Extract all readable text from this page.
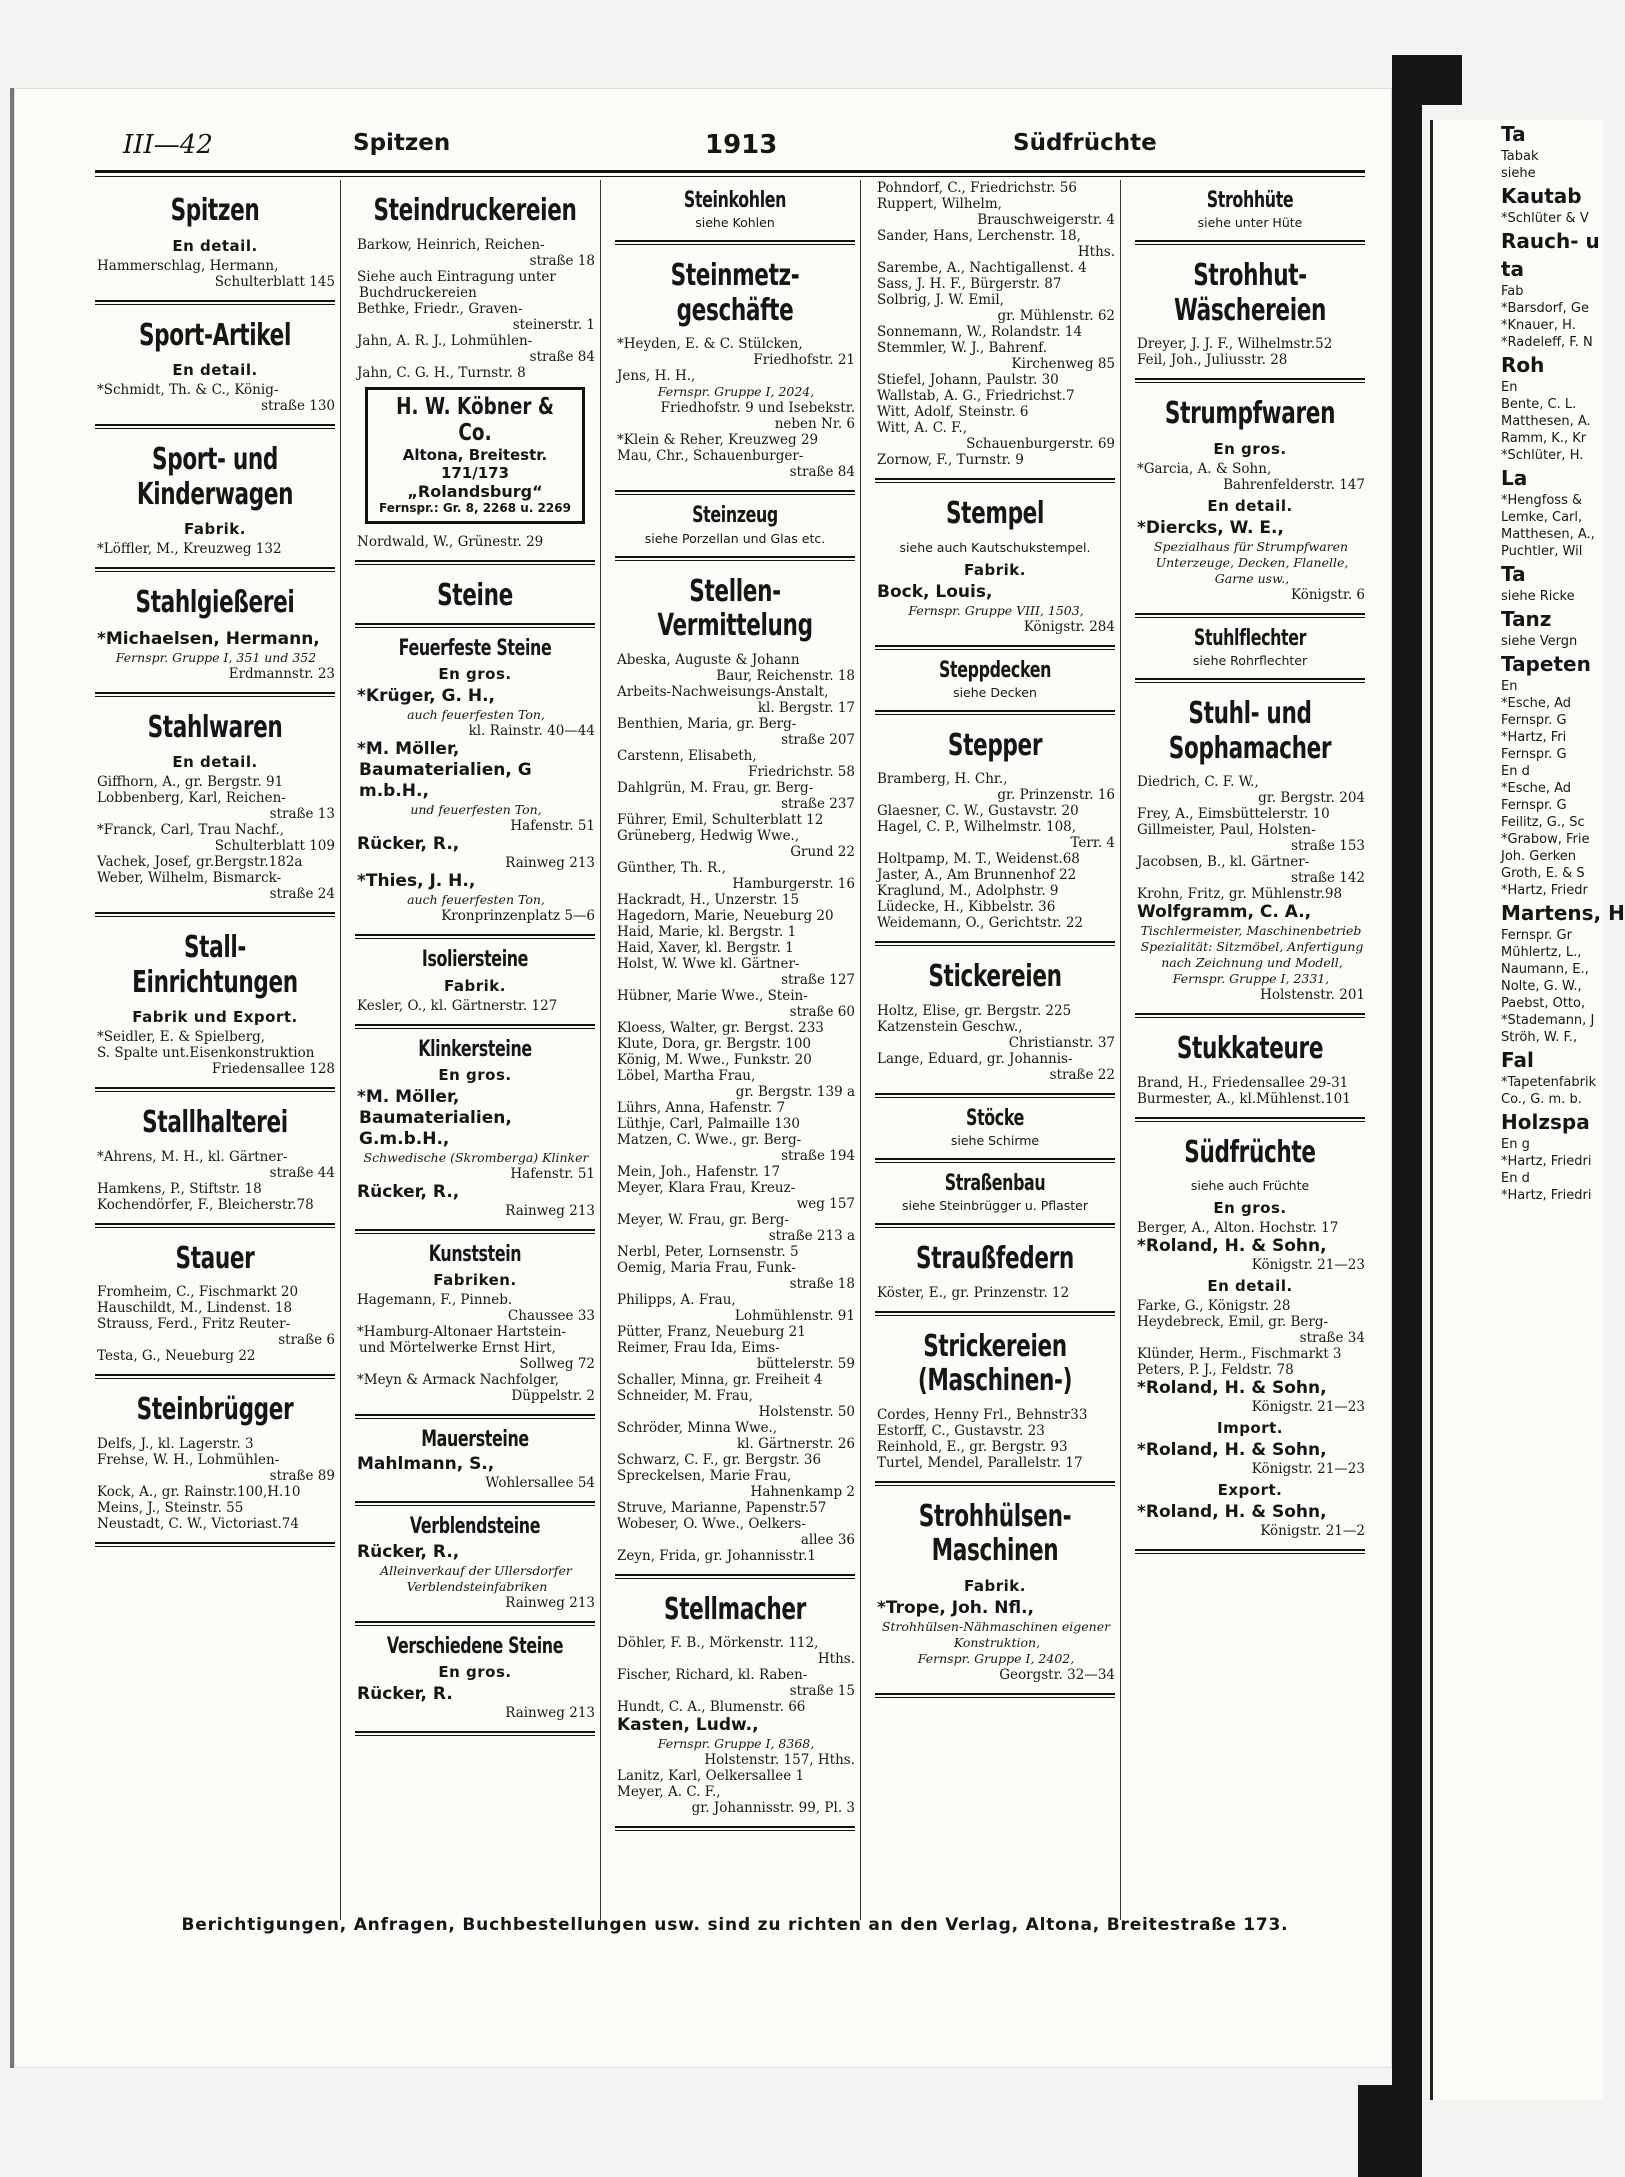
Ta
Tabak
siehe
Kautab
*Schlüter & V
Rauch- u
ta
Fab
*Barsdorf, Ge
*Knauer, H.
*Radeleff, F. N
Roh
En
Bente, C. L.
Matthesen, A.
Ramm, K., Kr
*Schlüter, H.
La
*Hengfoss &
Lemke, Carl,
Matthesen, A.,
Puchtler, Wil
Ta
siehe Ricke
Tanz
siehe Vergn
Tapeten
En
*Esche, Ad
Fernspr. G
*Hartz, Fri
Fernspr. G
En d
*Esche, Ad
Fernspr. G
Feilitz, G., Sc
*Grabow, Frie
Joh. Gerken
Groth, E. & S
*Hartz, Friedr
Martens, H
Fernspr. Gr
Mühlertz, L.,
Naumann, E.,
Nolte, G. W.,
Paebst, Otto,
*Stademann, J
Ströh, W. F.,
Fal
*Tapetenfabrik
Co., G. m. b.
Holzspa
En g
*Hartz, Friedri
En d
*Hartz, Friedri
III—42	Spitzen	1913	Südfrüchte
Spitzen
En detail.
Hammerschlag, Hermann,
Schulterblatt 145
Sport-Artikel
En detail.
*Schmidt, Th. & C., König-
straße 130
Sport- und Kinderwagen
Fabrik.
*Löffler, M., Kreuzweg 132
Stahlgießerei
*Michaelsen, Hermann,
Fernspr. Gruppe I, 351 und 352
Erdmannstr. 23
Stahlwaren
En detail.
Giffhorn, A., gr. Bergstr. 91
Lobbenberg, Karl, Reichen-
straße 13
*Franck, Carl, Trau Nachf.,
Schulterblatt 109
Vachek, Josef, gr.Bergstr.182a
Weber, Wilhelm, Bismarck-
straße 24
Stall- Einrichtungen
Fabrik und Export.
*Seidler, E. & Spielberg,
S. Spalte unt.Eisenkonstruktion
Friedensallee 128
Stallhalterei
*Ahrens, M. H., kl. Gärtner-
straße 44
Hamkens, P., Stiftstr. 18
Kochendörfer, F., Bleicherstr.78
Stauer
Fromheim, C., Fischmarkt 20
Hauschildt, M., Lindenst. 18
Strauss, Ferd., Fritz Reuter-
straße 6
Testa, G., Neueburg 22
Steinbrügger
Delfs, J., kl. Lagerstr. 3
Frehse, W. H., Lohmühlen-
straße 89
Kock, A., gr. Rainstr.100,H.10
Meins, J., Steinstr. 55
Neustadt, C. W., Victoriast.74
Steindruckereien
Barkow, Heinrich, Reichen-
straße 18
Siehe auch Eintragung unter Buchdruckereien
Bethke, Friedr., Graven-
steinerstr. 1
Jahn, A. R. J., Lohmühlen-
straße 84
Jahn, C. G. H., Turnstr. 8
H. W. Köbner & Co.
Altona, Breitestr. 171/173
„Rolandsburg“
Fernspr.: Gr. 8, 2268 u. 2269
Nordwald, W., Grünestr. 29
Steine
Feuerfeste Steine
En gros.
*Krüger, G. H.,
auch feuerfesten Ton,
kl. Rainstr. 40—44
*M. Möller, Baumaterialien, G m.b.H.,
und feuerfesten Ton,
Hafenstr. 51
Rücker, R.,
Rainweg 213
*Thies, J. H.,
auch feuerfesten Ton,
Kronprinzenplatz 5—6
Isoliersteine
Fabrik.
Kesler, O., kl. Gärtnerstr. 127
Klinkersteine
En gros.
*M. Möller, Baumaterialien, G.m.b.H.,
Schwedische (Skromberga) Klinker
Hafenstr. 51
Rücker, R.,
Rainweg 213
Kunststein
Fabriken.
Hagemann, F., Pinneb.
Chaussee 33
*Hamburg-Altonaer Hartstein- und Mörtelwerke Ernst Hirt,
Sollweg 72
*Meyn & Armack Nachfolger,
Düppelstr. 2
Mauersteine
Mahlmann, S.,
Wohlersallee 54
Verblendsteine
Rücker, R.,
Alleinverkauf der Ullersdorfer Verblendsteinfabriken
Rainweg 213
Verschiedene Steine
En gros.
Rücker, R.
Rainweg 213
Steinkohlen
siehe Kohlen
Steinmetz- geschäfte
*Heyden, E. & C. Stülcken,
Friedhofstr. 21
Jens, H. H.,
Fernspr. Gruppe I, 2024,
Friedhofstr. 9 und Isebekstr. neben Nr. 6
*Klein & Reher, Kreuzweg 29
Mau, Chr., Schauenburger-
straße 84
Steinzeug
siehe Porzellan und Glas etc.
Stellen- Vermittelung
Abeska, Auguste & Johann
Baur, Reichenstr. 18
Arbeits-Nachweisungs-Anstalt,
kl. Bergstr. 17
Benthien, Maria, gr. Berg-
straße 207
Carstenn, Elisabeth,
Friedrichstr. 58
Dahlgrün, M. Frau, gr. Berg-
straße 237
Führer, Emil, Schulterblatt 12
Grüneberg, Hedwig Wwe.,
Grund 22
Günther, Th. R.,
Hamburgerstr. 16
Hackradt, H., Unzerstr. 15
Hagedorn, Marie, Neueburg 20
Haid, Marie, kl. Bergstr. 1
Haid, Xaver, kl. Bergstr. 1
Holst, W. Wwe kl. Gärtner-
straße 127
Hübner, Marie Wwe., Stein-
straße 60
Kloess, Walter, gr. Bergst. 233
Klute, Dora, gr. Bergstr. 100
König, M. Wwe., Funkstr. 20
Löbel, Martha Frau,
gr. Bergstr. 139 a
Lührs, Anna, Hafenstr. 7
Lüthje, Carl, Palmaille 130
Matzen, C. Wwe., gr. Berg-
straße 194
Mein, Joh., Hafenstr. 17
Meyer, Klara Frau, Kreuz-
weg 157
Meyer, W. Frau, gr. Berg-
straße 213 a
Nerbl, Peter, Lornsenstr. 5
Oemig, Maria Frau, Funk-
straße 18
Philipps, A. Frau,
Lohmühlenstr. 91
Pütter, Franz, Neueburg 21
Reimer, Frau Ida, Eims-
büttelerstr. 59
Schaller, Minna, gr. Freiheit 4
Schneider, M. Frau,
Holstenstr. 50
Schröder, Minna Wwe.,
kl. Gärtnerstr. 26
Schwarz, C. F., gr. Bergstr. 36
Spreckelsen, Marie Frau,
Hahnenkamp 2
Struve, Marianne, Papenstr.57
Wobeser, O. Wwe., Oelkers-
allee 36
Zeyn, Frida, gr. Johannisstr.1
Stellmacher
Döhler, F. B., Mörkenstr. 112,
Hths.
Fischer, Richard, kl. Raben-
straße 15
Hundt, C. A., Blumenstr. 66
Kasten, Ludw.,
Fernspr. Gruppe I, 8368,
Holstenstr. 157, Hths.
Lanitz, Karl, Oelkersallee 1
Meyer, A. C. F.,
gr. Johannisstr. 99, Pl. 3
Pohndorf, C., Friedrichstr. 56
Ruppert, Wilhelm,
Brauschweigerstr. 4
Sander, Hans, Lerchenstr. 18,
Hths.
Sarembe, A., Nachtigallenst. 4
Sass, J. H. F., Bürgerstr. 87
Solbrig, J. W. Emil,
gr. Mühlenstr. 62
Sonnemann, W., Rolandstr. 14
Stemmler, W. J., Bahrenf.
Kirchenweg 85
Stiefel, Johann, Paulstr. 30
Wallstab, A. G., Friedrichst.7
Witt, Adolf, Steinstr. 6
Witt, A. C. F.,
Schauenburgerstr. 69
Zornow, F., Turnstr. 9
Stempel
siehe auch Kautschukstempel.
Fabrik.
Bock, Louis,
Fernspr. Gruppe VIII, 1503,
Königstr. 284
Steppdecken
siehe Decken
Stepper
Bramberg, H. Chr.,
gr. Prinzenstr. 16
Glaesner, C. W., Gustavstr. 20
Hagel, C. P., Wilhelmstr. 108,
Terr. 4
Holtpamp, M. T., Weidenst.68
Jaster, A., Am Brunnenhof 22
Kraglund, M., Adolphstr. 9
Lüdecke, H., Kibbelstr. 36
Weidemann, O., Gerichtstr. 22
Stickereien
Holtz, Elise, gr. Bergstr. 225
Katzenstein Geschw.,
Christianstr. 37
Lange, Eduard, gr. Johannis-
straße 22
Stöcke
siehe Schirme
Straßenbau
siehe Steinbrügger u. Pflaster
Straußfedern
Köster, E., gr. Prinzenstr. 12
Strickereien (Maschinen-)
Cordes, Henny Frl., Behnstr33
Estorff, C., Gustavstr. 23
Reinhold, E., gr. Bergstr. 93
Turtel, Mendel, Parallelstr. 17
Strohhülsen- Maschinen
Fabrik.
*Trope, Joh. Nfl.,
Strohhülsen-Nähmaschinen eigener Konstruktion,
Fernspr. Gruppe I, 2402,
Georgstr. 32—34
Strohhüte
siehe unter Hüte
Strohhut- Wäschereien
Dreyer, J. J. F., Wilhelmstr.52
Feil, Joh., Juliusstr. 28
Strumpfwaren
En gros.
*Garcia, A. & Sohn,
Bahrenfelderstr. 147
En detail.
*Diercks, W. E.,
Spezialhaus für Strumpfwaren Unterzeuge, Decken, Flanelle, Garne usw.,
Königstr. 6
Stuhlflechter
siehe Rohrflechter
Stuhl- und Sophamacher
Diedrich, C. F. W.,
gr. Bergstr. 204
Frey, A., Eimsbüttelerstr. 10
Gillmeister, Paul, Holsten-
straße 153
Jacobsen, B., kl. Gärtner-
straße 142
Krohn, Fritz, gr. Mühlenstr.98
Wolfgramm, C. A.,
Tischlermeister, Maschinenbetrieb Spezialität: Sitzmöbel, Anfertigung nach Zeichnung und Modell,
Fernspr. Gruppe I, 2331,
Holstenstr. 201
Stukkateure
Brand, H., Friedensallee 29-31
Burmester, A., kl.Mühlenst.101
Südfrüchte
siehe auch Früchte
En gros.
Berger, A., Alton. Hochstr. 17
*Roland, H. & Sohn,
Königstr. 21—23
En detail.
Farke, G., Königstr. 28
Heydebreck, Emil, gr. Berg-
straße 34
Klünder, Herm., Fischmarkt 3
Peters, P. J., Feldstr. 78
*Roland, H. & Sohn,
Königstr. 21—23
Import.
*Roland, H. & Sohn,
Königstr. 21—23
Export.
*Roland, H. & Sohn,
Königstr. 21—2
Berichtigungen, Anfragen, Buchbestellungen usw. sind zu richten an den Verlag, Altona, Breitestraße 173.
